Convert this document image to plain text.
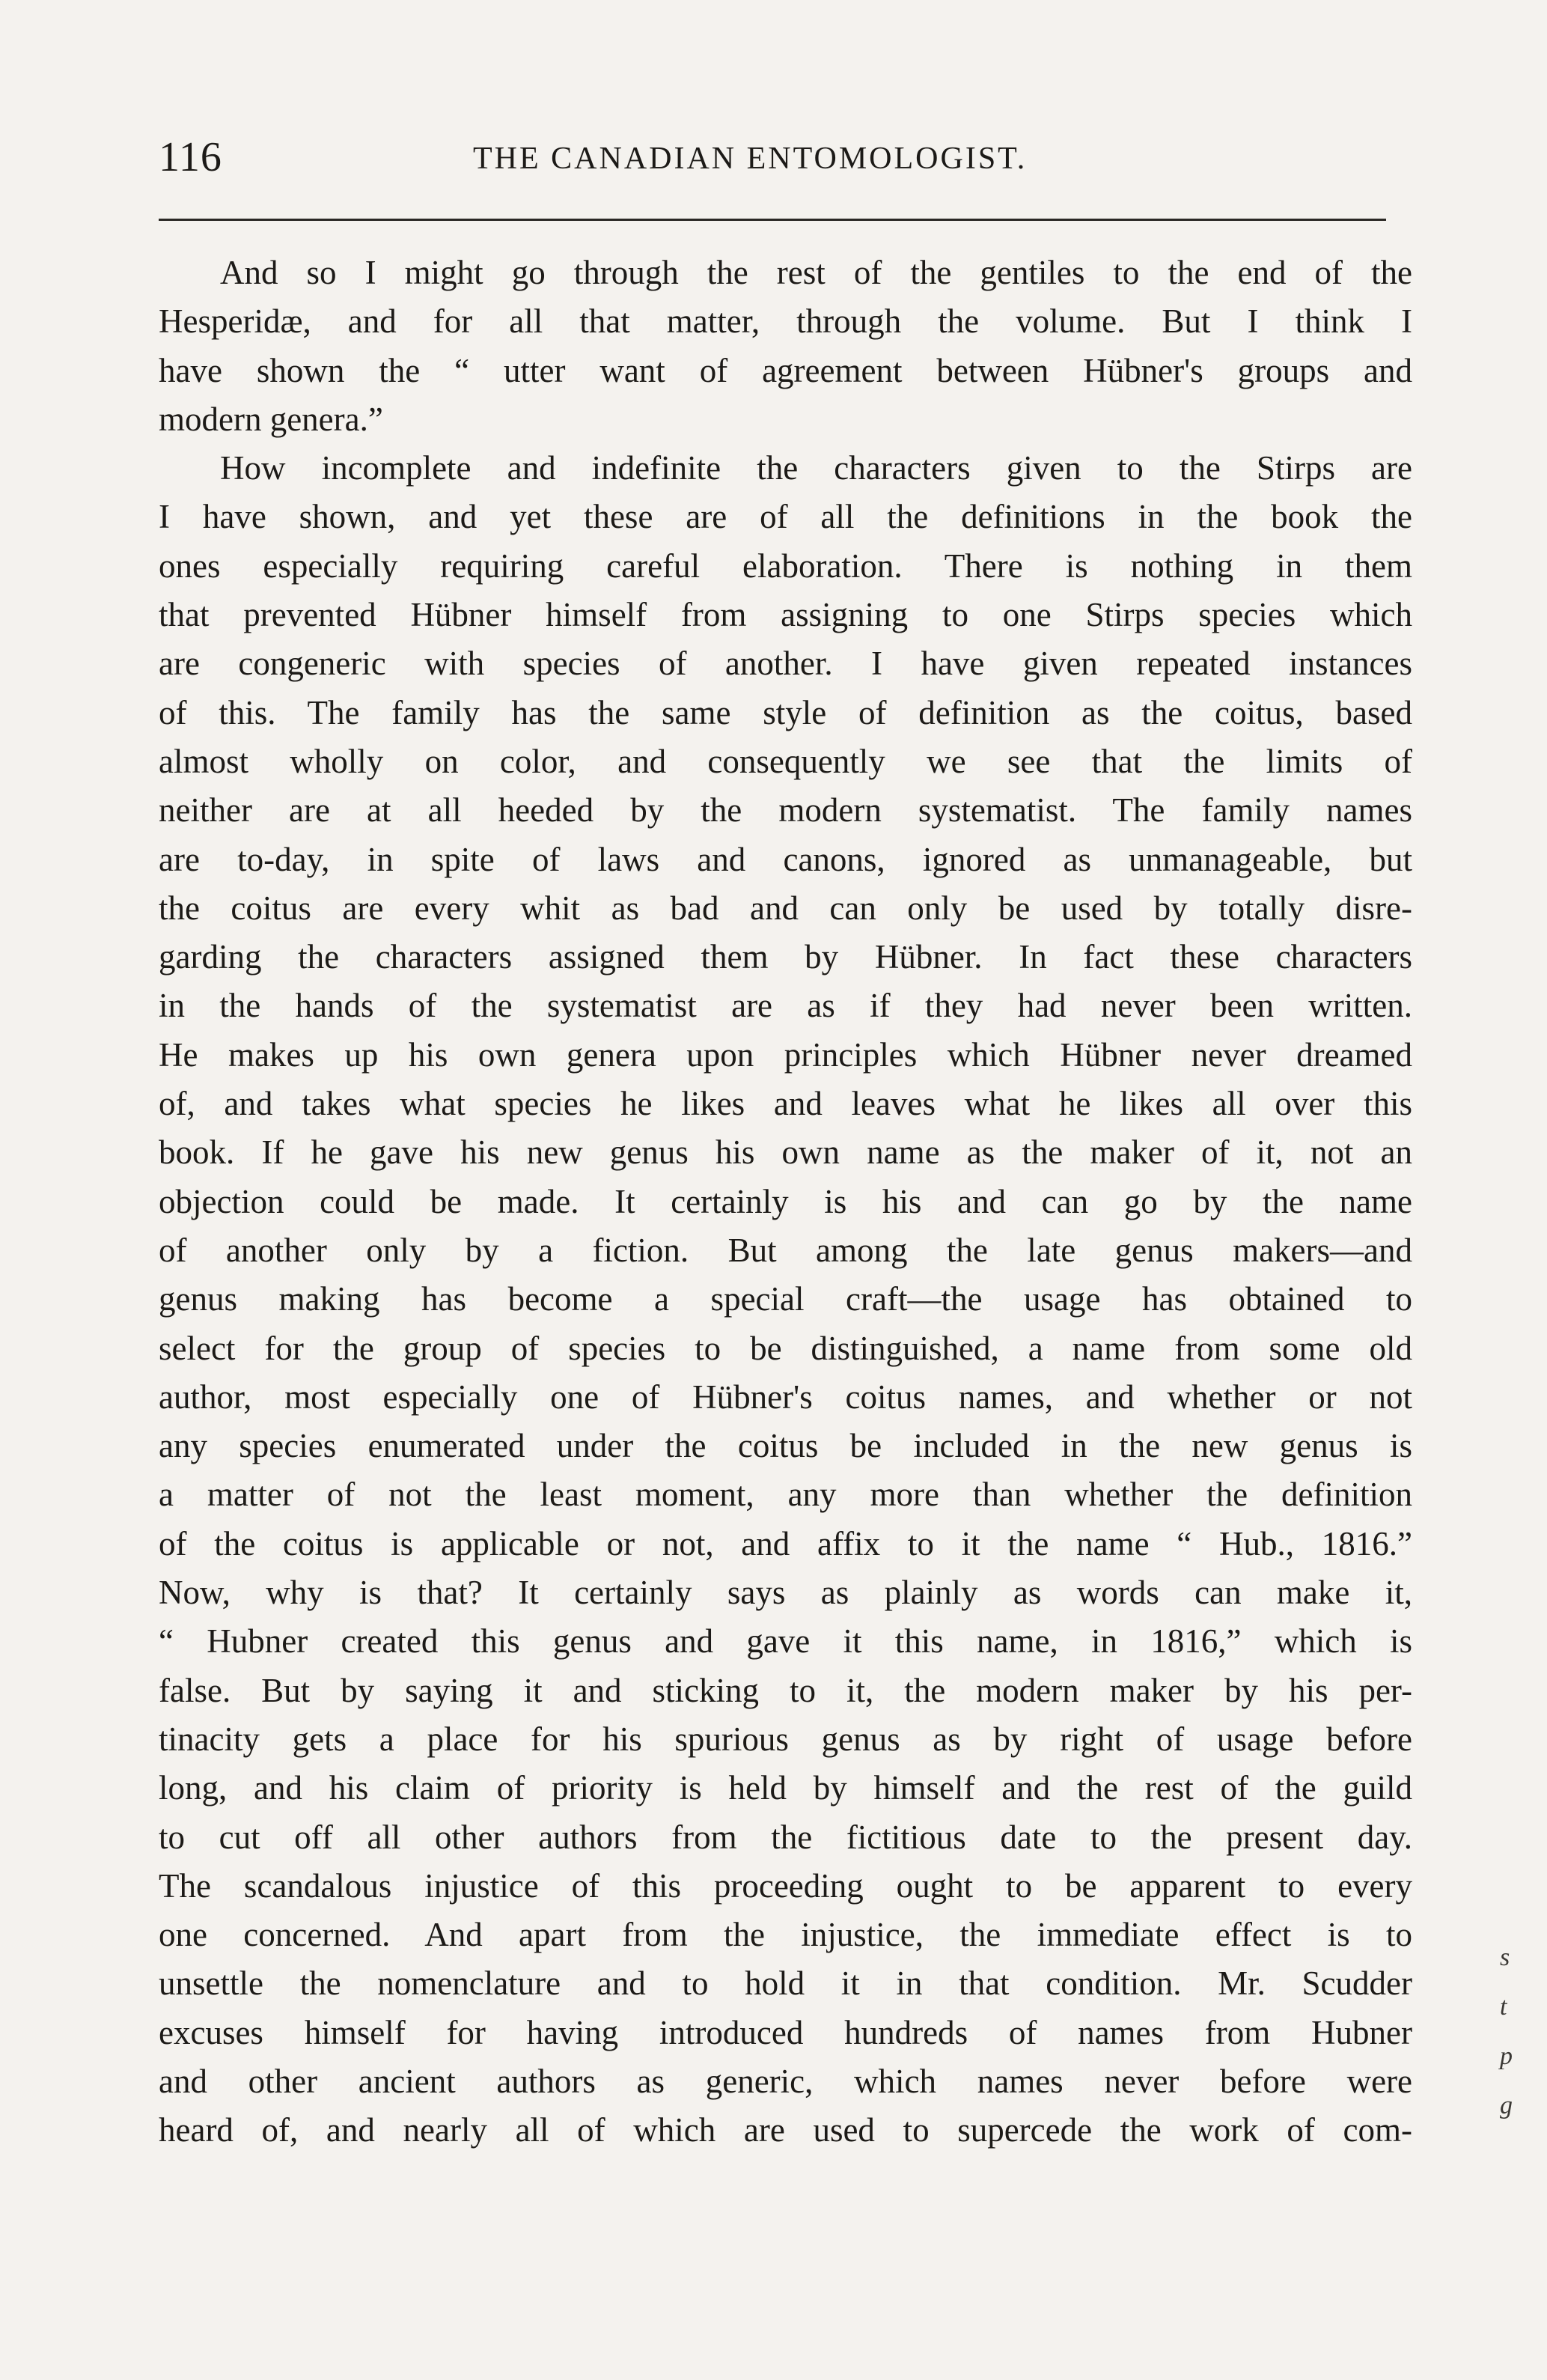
116	THE CANADIAN ENTOMOLOGIST.
And so I might go through the rest of the gentiles to the end of the
Hesperidæ, and for all that matter, through the volume. But I think I
have shown the “ utter want of agreement between Hübner's groups and
modern genera.”
How incomplete and indefinite the characters given to the Stirps are
I have shown, and yet these are of all the definitions in the book the
ones especially requiring careful elaboration. There is nothing in them
that prevented Hübner himself from assigning to one Stirps species which
are congeneric with species of another. I have given repeated instances
of this. The family has the same style of definition as the coitus, based
almost wholly on color, and consequently we see that the limits of
neither are at all heeded by the modern systematist. The family names
are to-day, in spite of laws and canons, ignored as unmanageable, but
the coitus are every whit as bad and can only be used by totally disre-
garding the characters assigned them by Hübner. In fact these characters
in the hands of the systematist are as if they had never been written.
He makes up his own genera upon principles which Hübner never dreamed
of, and takes what species he likes and leaves what he likes all over this
book. If he gave his new genus his own name as the maker of it, not an
objection could be made. It certainly is his and can go by the name
of another only by a fiction. But among the late genus makers—and
genus making has become a special craft—the usage has obtained to
select for the group of species to be distinguished, a name from some old
author, most especially one of Hübner's coitus names, and whether or not
any species enumerated under the coitus be included in the new genus is
a matter of not the least moment, any more than whether the definition
of the coitus is applicable or not, and affix to it the name “ Hub., 1816.”
Now, why is that? It certainly says as plainly as words can make it,
“ Hubner created this genus and gave it this name, in 1816,” which is
false. But by saying it and sticking to it, the modern maker by his per-
tinacity gets a place for his spurious genus as by right of usage before
long, and his claim of priority is held by himself and the rest of the guild
to cut off all other authors from the fictitious date to the present day.
The scandalous injustice of this proceeding ought to be apparent to every
one concerned. And apart from the injustice, the immediate effect is to
unsettle the nomenclature and to hold it in that condition. Mr. Scudder
excuses himself for having introduced hundreds of names from Hubner
and other ancient authors as generic, which names never before were
heard of, and nearly all of which are used to supercede the work of com-
s
t
p
g
